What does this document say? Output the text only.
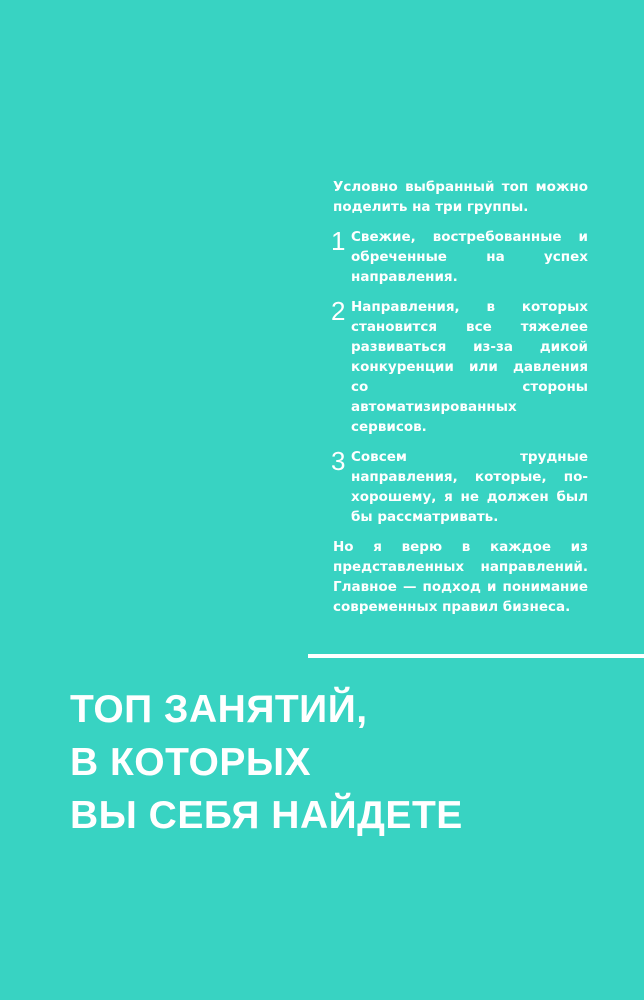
Условно выбранный топ можно поделить на три группы.

1 Свежие, востребованные и обреченные на успех направления.

2 Направления, в которых становится все тяжелее развиваться из-за дикой конкуренции или давления со стороны автоматизированных сервисов.

3 Совсем трудные направления, которые, по-хорошему, я не должен был бы рассматривать.

Но я верю в каждое из представленных направлений. Главное — подход и понимание современных правил бизнеса.

ТОП ЗАНЯТИЙ,
В КОТОРЫХ
ВЫ СЕБЯ НАЙДЕТЕ
